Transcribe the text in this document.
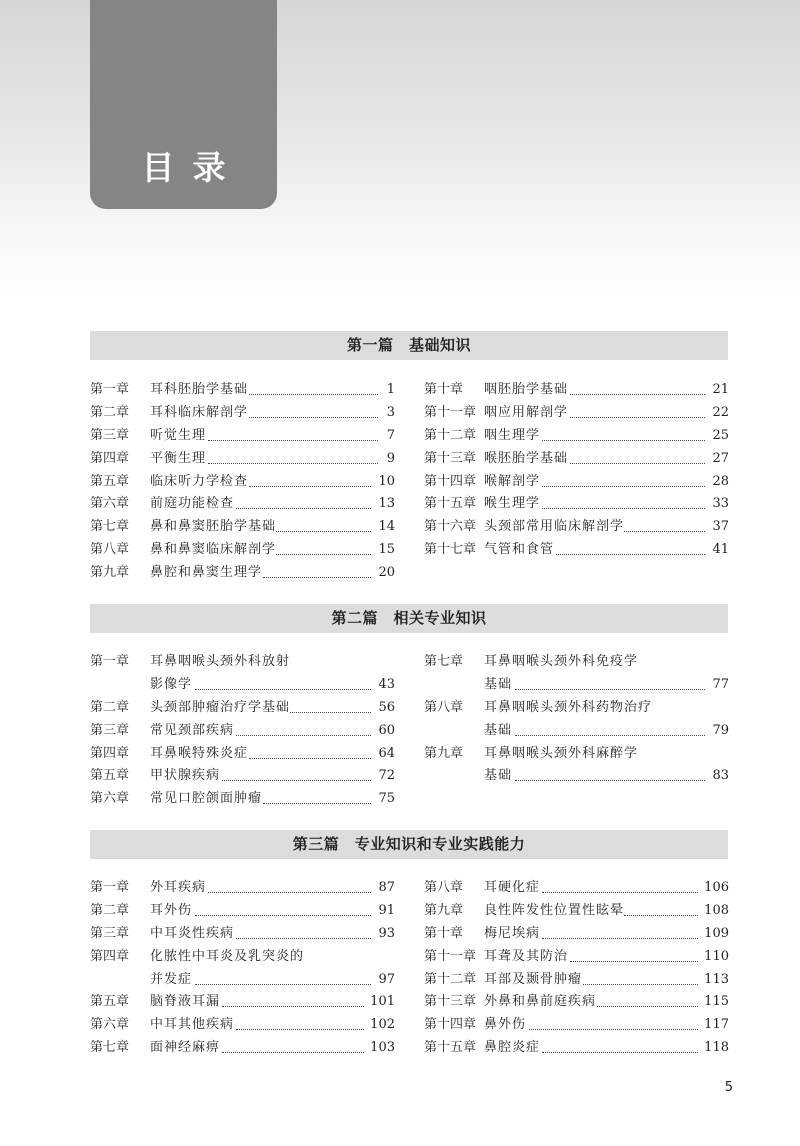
目录
第一篇　基础知识
第一章 耳科胚胎学基础	1
第二章 耳科临床解剖学	3
第三章 听觉生理	7
第四章 平衡生理	9
第五章 临床听力学检查	10
第六章 前庭功能检查	13
第七章 鼻和鼻窦胚胎学基础	14
第八章 鼻和鼻窦临床解剖学	15
第九章 鼻腔和鼻窦生理学	20
第十章 咽胚胎学基础	21
第十一章 咽应用解剖学	22
第十二章 咽生理学	25
第十三章 喉胚胎学基础	27
第十四章 喉解剖学	28
第十五章 喉生理学	33
第十六章 头颈部常用临床解剖学	37
第十七章 气管和食管	41
第二篇　相关专业知识
第一章 耳鼻咽喉头颈外科放射
影像学	43
第二章 头颈部肿瘤治疗学基础	56
第三章 常见颈部疾病	60
第四章 耳鼻喉特殊炎症	64
第五章 甲状腺疾病	72
第六章 常见口腔颌面肿瘤	75
第七章 耳鼻咽喉头颈外科免疫学
基础	77
第八章 耳鼻咽喉头颈外科药物治疗
基础	79
第九章 耳鼻咽喉头颈外科麻醉学
基础	83
第三篇　专业知识和专业实践能力
第一章 外耳疾病	87
第二章 耳外伤	91
第三章 中耳炎性疾病	93
第四章 化脓性中耳炎及乳突炎的
并发症	97
第五章 脑脊液耳漏	101
第六章 中耳其他疾病	102
第七章 面神经麻痹	103
第八章 耳硬化症	106
第九章 良性阵发性位置性眩晕	108
第十章 梅尼埃病	109
第十一章 耳聋及其防治	110
第十二章 耳部及颞骨肿瘤	113
第十三章 外鼻和鼻前庭疾病	115
第十四章 鼻外伤	117
第十五章 鼻腔炎症	118
5
